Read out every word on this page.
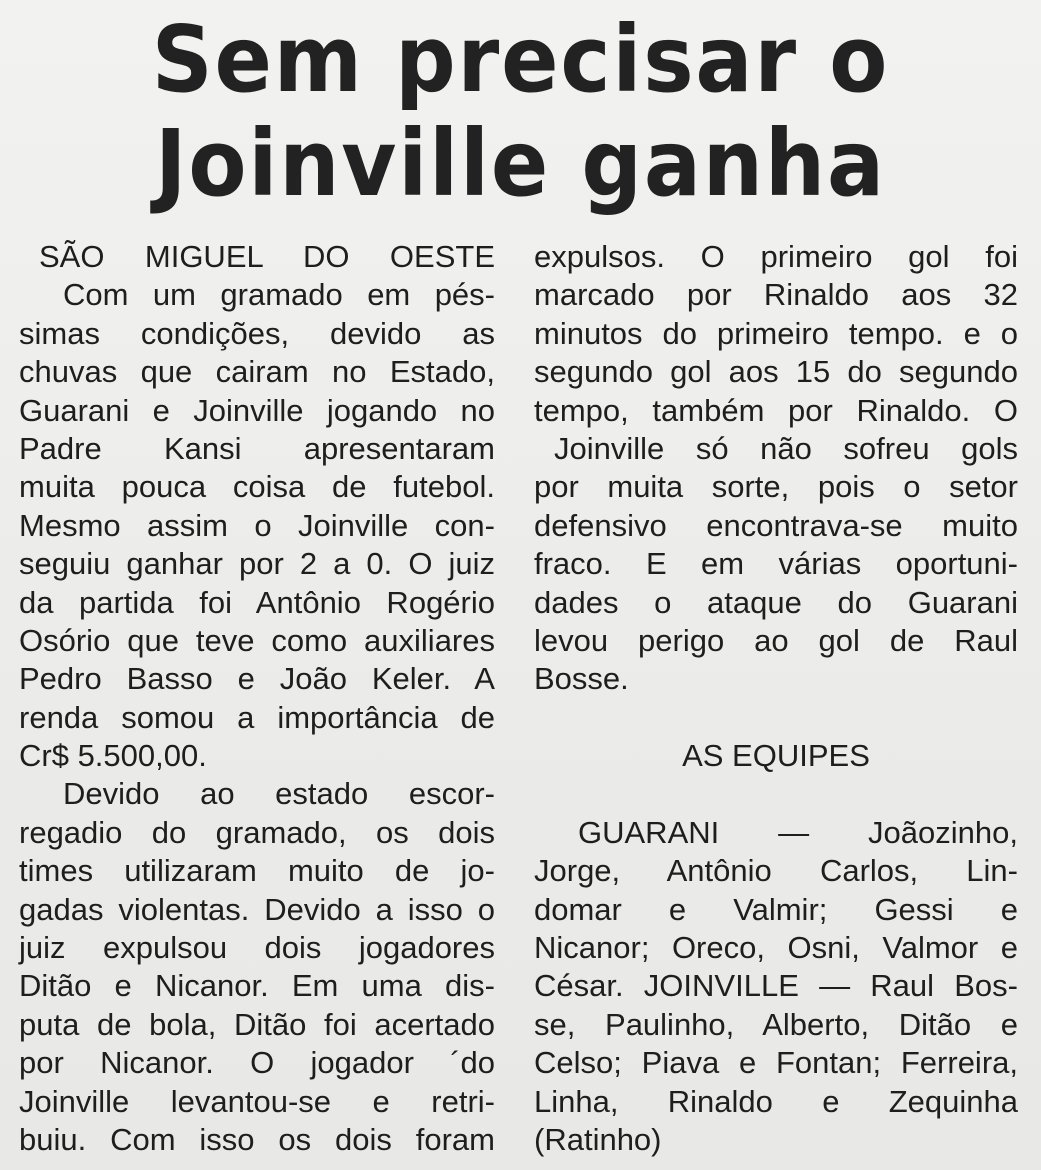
Sem precisar o
Joinville ganha
SÃO MIGUEL DO OESTE
Com um gramado em pés-
simas condições, devido as
chuvas que cairam no Estado,
Guarani e Joinville jogando no
Padre Kansi apresentaram
muita pouca coisa de futebol.
Mesmo assim o Joinville con-
seguiu ganhar por 2 a 0. O juiz
da partida foi Antônio Rogério
Osório que teve como auxiliares
Pedro Basso e João Keler. A
renda somou a importância de
Cr$ 5.500,00.
Devido ao estado escor-
regadio do gramado, os dois
times utilizaram muito de jo-
gadas violentas. Devido a isso o
juiz expulsou dois jogadores
Ditão e Nicanor. Em uma dis-
puta de bola, Ditão foi acertado
por Nicanor. O jogador ´do
Joinville levantou-se e retri-
buiu. Com isso os dois foram
expulsos. O primeiro gol foi
marcado por Rinaldo aos 32
minutos do primeiro tempo. e o
segundo gol aos 15 do segundo
tempo, também por Rinaldo. O
Joinville só não sofreu gols
por muita sorte, pois o setor
defensivo encontrava-se muito
fraco. E em várias oportuni-
dades o ataque do Guarani
levou perigo ao gol de Raul
Bosse.
AS EQUIPES
GUARANI — Joãozinho,
Jorge, Antônio Carlos, Lin-
domar e Valmir; Gessi e
Nicanor; Oreco, Osni, Valmor e
César. JOINVILLE — Raul Bos-
se, Paulinho, Alberto, Ditão e
Celso; Piava e Fontan; Ferreira,
Linha, Rinaldo e Zequinha
(Ratinho)
